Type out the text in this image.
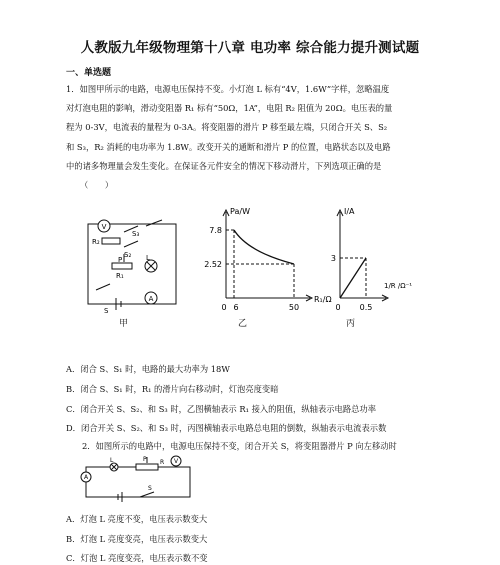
人教版九年级物理第十八章 电功率 综合能力提升测试题
一、单选题

1．如图甲所示的电路，电源电压保持不变。小灯泡 L 标有“4V，1.6W”字样，忽略温度

对灯泡电阻的影响，滑动变阻器 R₁ 标有“50Ω，1A”，电阻 R₂ 阻值为 20Ω。电压表的量

程为 0-3V，电流表的量程为 0-3A。将变阻器的滑片 P 移至最左端，只闭合开关 S、S₂

和 S₃，R₂ 消耗的电功率为 1.8W。改变开关的通断和滑片 P 的位置，电路状态以及电路

中的诸多物理量会发生变化。在保证各元件安全的情况下移动滑片，下列选项正确的是

（　　）

V
R₂
S₃
S₂
P	L
R₁
A
S
Pa/W
R₁/Ω
7.8
2.52
0 6	50
I/A
1/R /Ω⁻¹
3
0 0.5
甲	乙	丙
A．闭合 S、S₁ 时，电路的最大功率为 18W
B．闭合 S、S₁ 时，R₁ 的滑片向右移动时，灯泡亮度变暗
C．闭合开关 S、S₂、和 S₃ 时，乙图横轴表示 R₁ 接入的阻值，纵轴表示电路总功率
D．闭合开关 S、S₂、和 S₃ 时，丙图横轴表示电路总电阻的倒数，纵轴表示电流表示数
2．如图所示的电路中，电源电压保持不变，闭合开关 S，将变阻器滑片 P 向左移动时
L	P R V
A
S
A．灯泡 L 亮度不变，电压表示数变大
B．灯泡 L 亮度变亮，电压表示数变大
C．灯泡 L 亮度变亮，电压表示数不变
